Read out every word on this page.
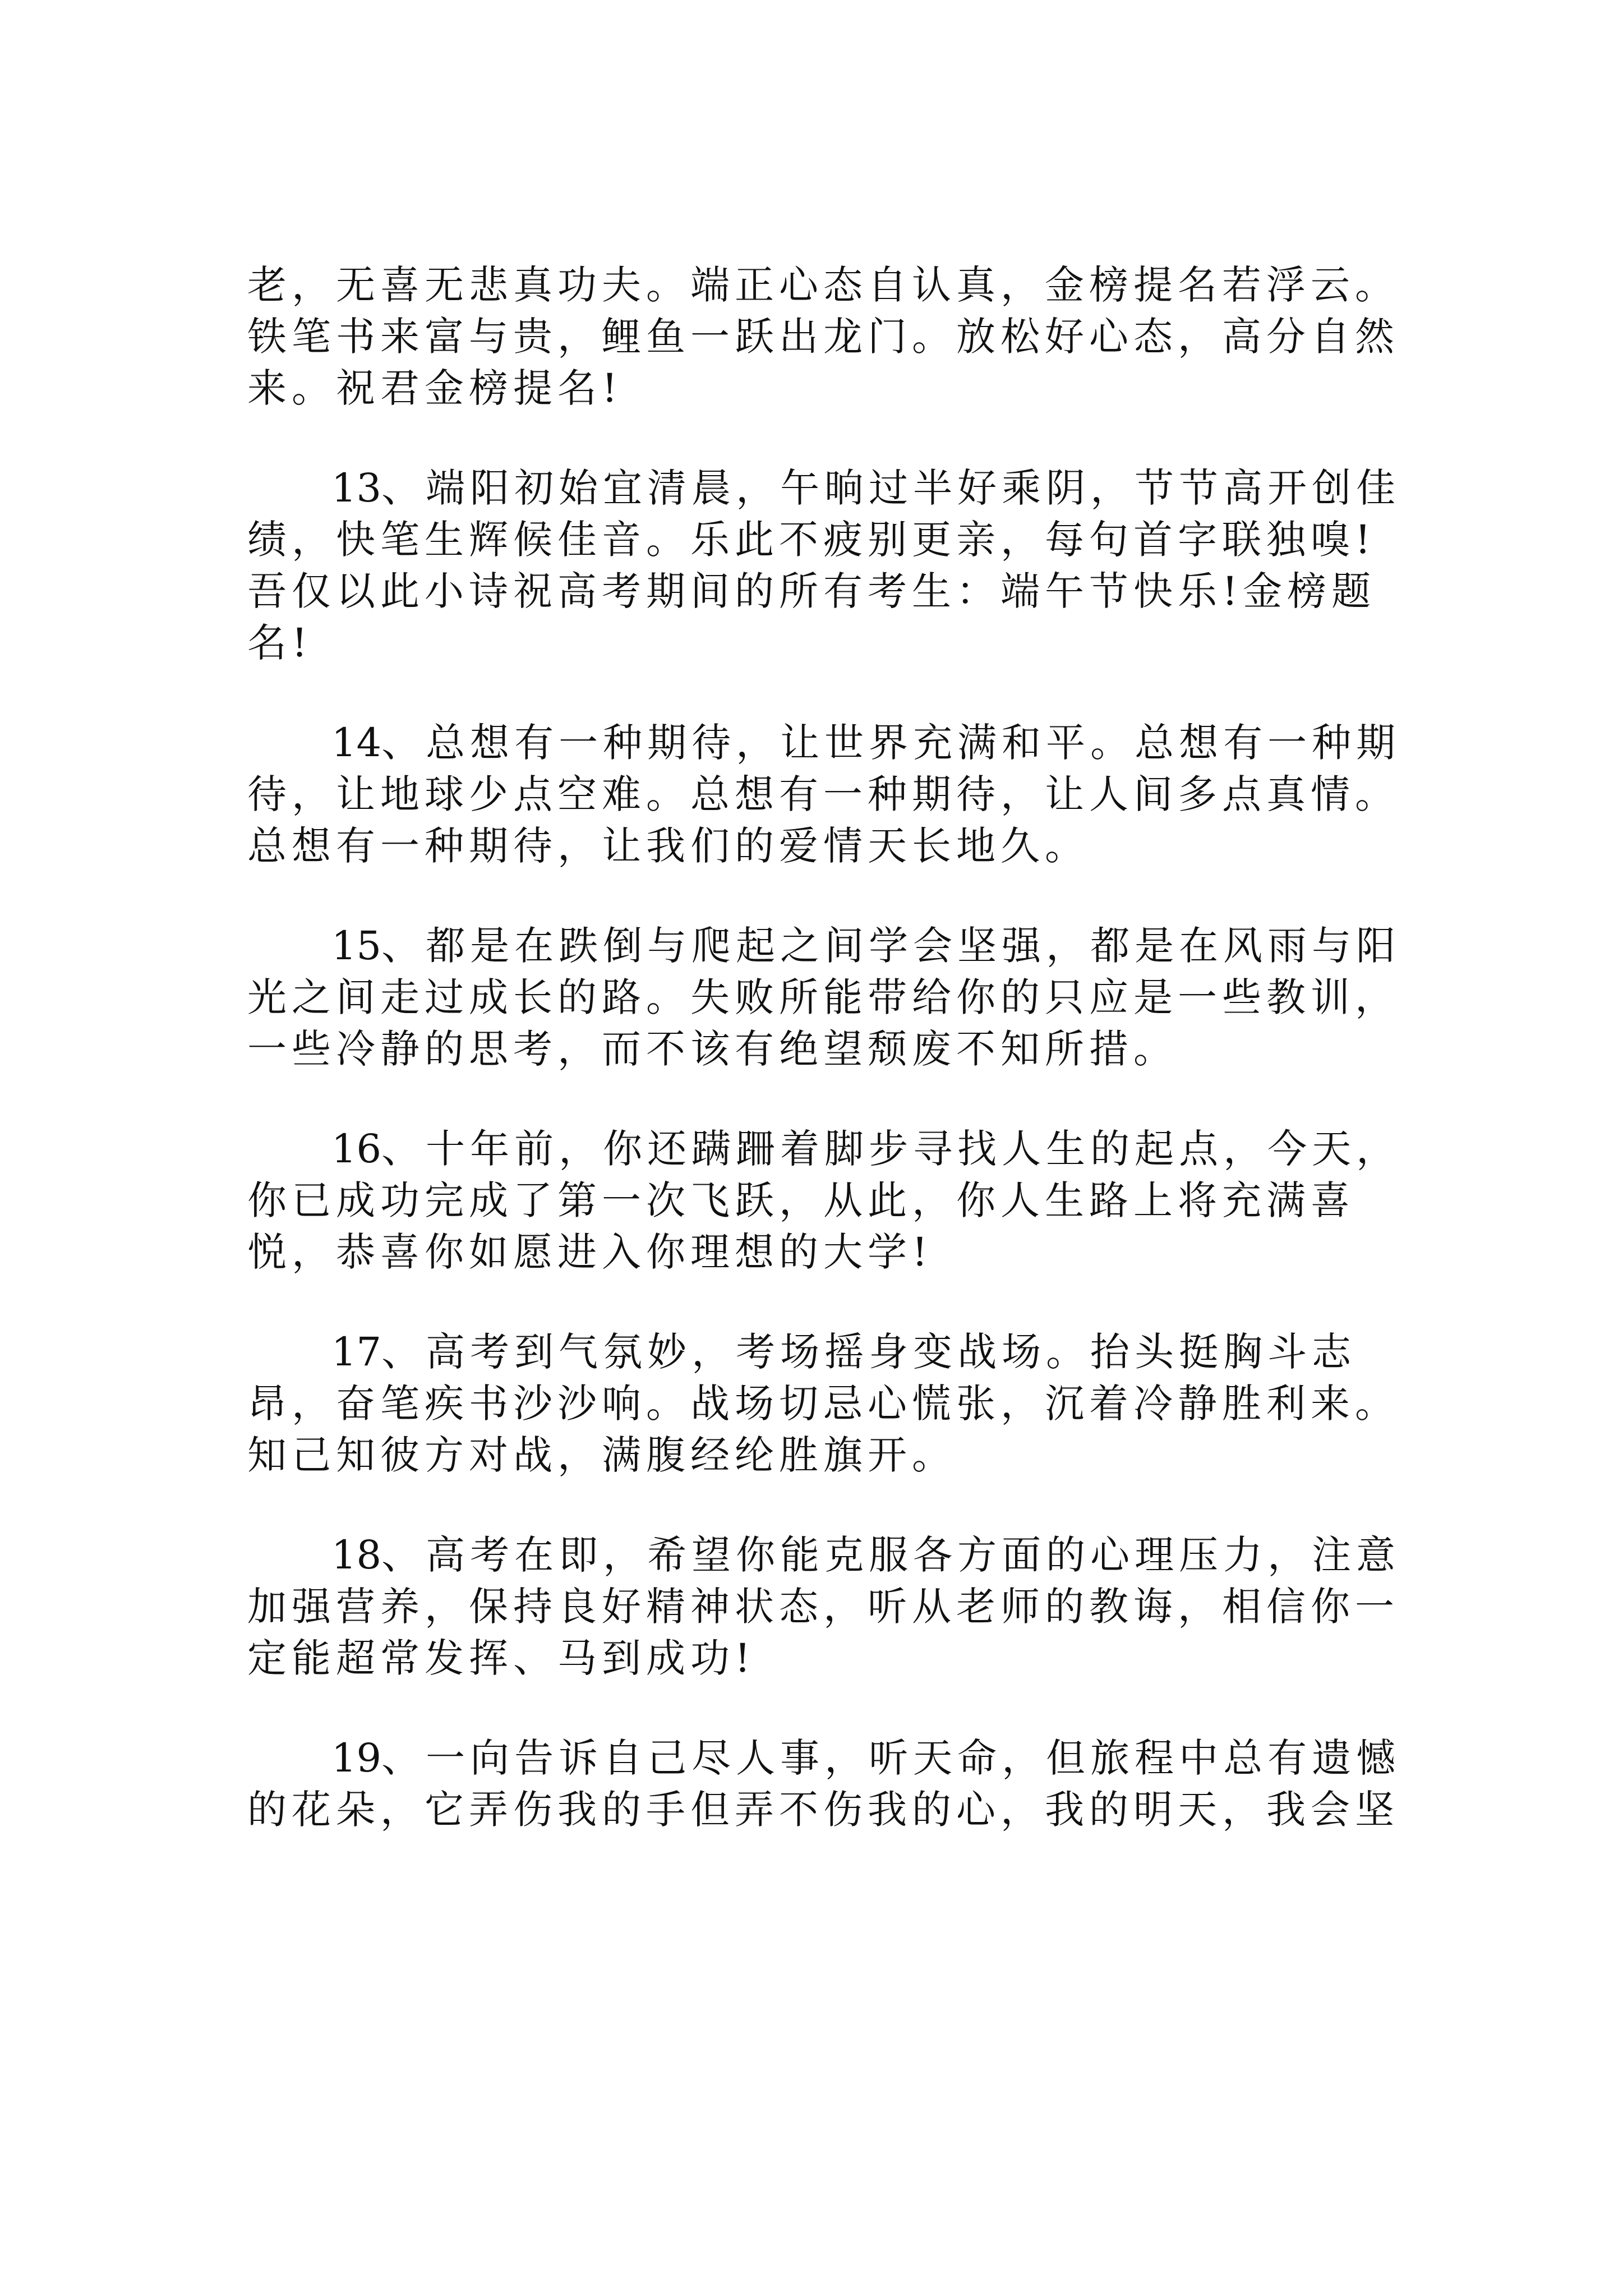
老，无喜无悲真功夫。端正心态自认真，金榜提名若浮云。铁笔书来富与贵，鲤鱼一跃出龙门。放松好心态，高分自然来。祝君金榜提名!

13、端阳初始宜清晨，午晌过半好乘阴，节节高开创佳绩，快笔生辉候佳音。乐此不疲别更亲，每句首字联独嗅!吾仅以此小诗祝高考期间的所有考生：端午节快乐!金榜题名!

14、总想有一种期待，让世界充满和平。总想有一种期待，让地球少点空难。总想有一种期待，让人间多点真情。总想有一种期待，让我们的爱情天长地久。

15、都是在跌倒与爬起之间学会坚强，都是在风雨与阳光之间走过成长的路。失败所能带给你的只应是一些教训，一些冷静的思考，而不该有绝望颓废不知所措。

16、十年前，你还蹒跚着脚步寻找人生的起点，今天，你已成功完成了第一次飞跃，从此，你人生路上将充满喜悦，恭喜你如愿进入你理想的大学!

17、高考到气氛妙，考场摇身变战场。抬头挺胸斗志昂，奋笔疾书沙沙响。战场切忌心慌张，沉着冷静胜利来。知己知彼方对战，满腹经纶胜旗开。

18、高考在即，希望你能克服各方面的心理压力，注意加强营养，保持良好精神状态，听从老师的教诲，相信你一定能超常发挥、马到成功!

19、一向告诉自己尽人事，听天命，但旅程中总有遗憾的花朵，它弄伤我的手但弄不伤我的心，我的明天，我会坚
